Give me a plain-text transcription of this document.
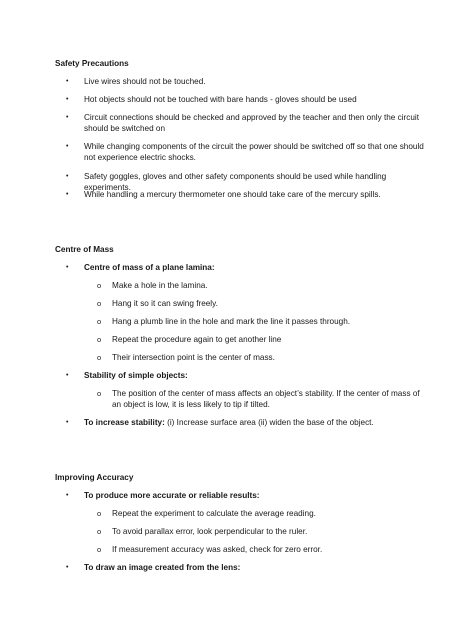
Safety Precautions
•	Live wires should not be touched.
•	Hot objects should not be touched with bare hands - gloves should be used
•	Circuit connections should be checked and approved by the teacher and then only the circuit should be switched on
•	While changing components of the circuit the power should be switched off so that one should not experience electric shocks.
•	Safety goggles, gloves and other safety components should be used while handling experiments.
•	While handling a mercury thermometer one should take care of the mercury spills.
Centre of Mass
•	Centre of mass of a plane lamina:
o Make a hole in the lamina.
o Hang it so it can swing freely.
o Hang a plumb line in the hole and mark the line it passes through.
o Repeat the procedure again to get another line
o Their intersection point is the center of mass.
•	Stability of simple objects:
o The position of the center of mass affects an object’s stability. If the center of mass of an object is low, it is less likely to tip if tilted.
•	To increase stability: (i) Increase surface area (ii) widen the base of the object.
Improving Accuracy
•	To produce more accurate or reliable results:
o Repeat the experiment to calculate the average reading.
o To avoid parallax error, look perpendicular to the ruler.
o If measurement accuracy was asked, check for zero error.
•	To draw an image created from the lens:
